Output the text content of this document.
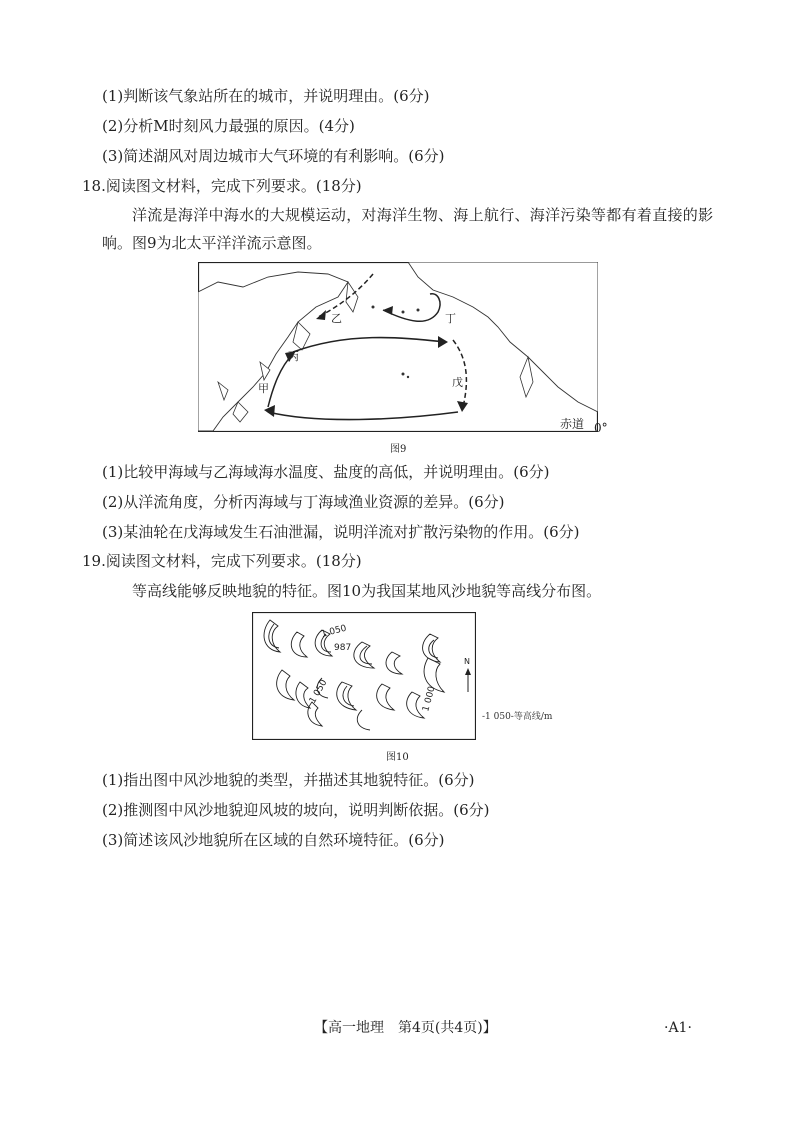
(1)判断该气象站所在的城市，并说明理由。(6分)
(2)分析M时刻风力最强的原因。(4分)
(3)简述湖风对周边城市大气环境的有利影响。(6分)
18.阅读图文材料，完成下列要求。(18分)
洋流是海洋中海水的大规模运动，对海洋生物、海上航行、海洋污染等都有着直接的影
响。图9为北太平洋洋流示意图。
乙	丁
丙
甲	戊
赤道 0°
图9
(1)比较甲海域与乙海域海水温度、盐度的高低，并说明理由。(6分)
(2)从洋流角度，分析丙海域与丁海域渔业资源的差异。(6分)
(3)某油轮在戊海域发生石油泄漏，说明洋流对扩散污染物的作用。(6分)
19.阅读图文材料，完成下列要求。(18分)
等高线能够反映地貌的特征。图10为我国某地风沙地貌等高线分布图。
1 050
987
1 050	1 000
N
-1 050-等高线/m
图10
(1)指出图中风沙地貌的类型，并描述其地貌特征。(6分)
(2)推测图中风沙地貌迎风坡的坡向，说明判断依据。(6分)
(3)简述该风沙地貌所在区域的自然环境特征。(6分)
【高一地理　第4页(共4页)】	·A1·
